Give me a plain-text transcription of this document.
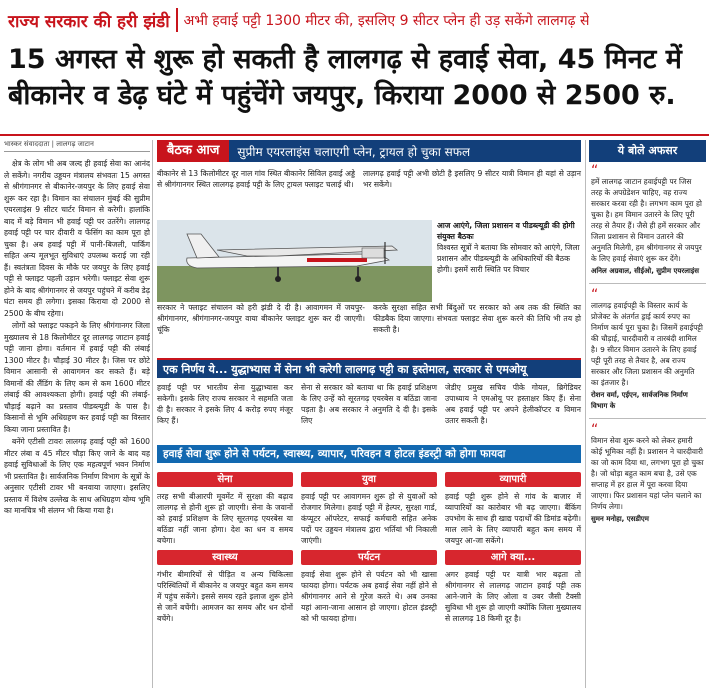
राज्य सरकार की हरी झंडी अभी हवाई पट्टी 1300 मीटर की, इसलिए 9 सीटर प्लेन ही उड़ सकेंगे लालगढ़ से
15 अगस्त से शुरू हो सकती है लालगढ़ से हवाई सेवा, 45 मिनट में
बीकानेर व डेढ़ घंटे में पहुंचेंगे जयपुर, किराया 2000 से 2500 रु.
भास्कर संवाददाता | लालगढ़ जाटान

क्षेत्र के लोग भी अब जल्द ही हवाई सेवा का आनंद ले सकेंगे। नगरीय उड्डयन मंत्रालय संभवतः 15 अगस्त से श्रीगंगानगर से बीकानेर-जयपुर के लिए हवाई सेवा शुरू कर रहा है। विमान का संचालन मुंबई की सुप्रीम एयरलाइंस 9 सीटर चार्टर विमान से करेगी। हालांकि बाद में बड़े विमान भी हवाई पट्टी पर उतरेंगे। लालगढ़ हवाई पट्टी पर चार दीवारी व फेंसिंग का काम पूरा हो चुका है। अब हवाई पट्टी में पानी-बिजली, पार्किंग सहित अन्य मूलभूत सुविधाएं उपलब्ध कराई जा रही हैं। स्वतंत्रता दिवस के मौके पर जयपुर के लिए हवाई पट्टी से फ्लाइट पहली उड़ान भरेगी। फ्लाइट सेवा शुरू होने के बाद श्रीगंगानगर से जयपुर पहुंचने में करीब डेढ़ घंटा समय ही लगेगा। इसका किराया दो 2000 से 2500 के बीच रहेगा।

लोगों को फ्लाइट पकड़ने के लिए श्रीगंगानगर जिला मुख्यालय से 18 किलोमीटर दूर लालगढ़ जाटान हवाई पट्टी जाना होगा। वर्तमान में हवाई पट्टी की लंबाई 1300 मीटर है। चौड़ाई 30 मीटर है। जिस पर छोटे विमान आसानी से आवागमन कर सकते हैं। बड़े विमानों की लैंडिंग के लिए कम से कम 1600 मीटर लंबाई की आवश्यकता होगी। हवाई पट्टी की लंबाई-चौड़ाई बढ़ाने का प्रस्ताव पीडब्ल्यूडी के पास है। किसानों से भूमि अधिग्रहण कर हवाई पट्टी का विस्तार किया जाना प्रस्तावित है।

बनेंगे एटीसी टावरः लालगढ़ हवाई पट्टी को 1600 मीटर लंबा व 45 मीटर चौड़ा किए जाने के बाद यह हवाई सुविधाओं के लिए एक महत्वपूर्ण भवन निर्माण भी प्रस्तावित है। सार्वजनिक निर्माण विभाग के सूत्रों के अनुसार एटीसी टावर भी बनवाया जाएगा। इसलिए प्रस्ताव में विशेष उल्लेख के साथ अधिग्रहण योग्य भूमि का मानचित्र भी संलग्न भी किया गया है।

बैठक आज	सुप्रीम एयरलाइंस चलाएगी प्लेन, ट्रायल हो चुका सफल
बीकानेर से 13 किलोमीटर दूर नाल गांव स्थित बीकानेर सिविल हवाई अड्डे से श्रीगंगानगर स्थित लालगढ़ हवाई पट्टी के लिए ट्रायल फ्लाइट चलाई थी।
लालगढ़ हवाई पट्टी अभी छोटी है इसलिए 9 सीटर यात्री विमान ही यहां से उड़ान भर सकेंगे।
आज आएंगे, जिला प्रशासन व पीडब्ल्यूडी की होगी संयुक्त बैठकः
विश्वस्त सूत्रों ने बताया कि सोमवार को आएंगे, जिला प्रशासन और पीडब्ल्यूडी के अधिकारियों की बैठक होगी। इसमें सारी स्थिति पर विचार
सरकार ने फ्लाइट संचालन को हरी झंडी दे दी है। आवागमन में जयपुर-श्रीगंगानगर, श्रीगंगानगर-जयपुर वाया बीकानेर फ्लाइट शुरू कर दी जाएगी। चूंकि
करके सुरक्षा सहित सभी बिंदुओं पर सरकार को अब तक की स्थिति का फीडबैक दिया जाएगा। संभवतः फ्लाइट सेवा शुरू करने की तिथि भी तय हो सकती है।
एक निर्णय ये... युद्धाभ्यास में सेना भी करेगी लालगढ़ पट्टी का इस्तेमाल, सरकार से एमओयू
हवाई पट्टी पर भारतीय सेना युद्धाभ्यास कर सकेगी। इसके लिए राज्य सरकार ने सहमति जता दी है। सरकार ने इसके लिए 4 करोड़ रुपए मंजूर किए हैं।
सेना से सरकार को बताया था कि हवाई प्रशिक्षण के लिए उन्हें को सूरतगढ़ एयरबेस व बठिंडा जाना पड़ता है। अब सरकार ने अनुमति दे दी है। इसके लिए
जेडीए प्रमुख सचिव पीके गोयल, ब्रिगेडियर उपाध्याय ने एमओयू पर हस्ताक्षर किए हैं। सेना अब हवाई पट्टी पर अपने हेलीकॉप्टर व विमान उतार सकती है।
हवाई सेवा शुरू होने से पर्यटन, स्वास्थ्य, व्यापार, परिवहन व होटल इंडस्ट्री को होगा फायदा
सेना
तरह सभी बीआरपी मूवमेंट में सुरक्षा की बढ़ाव लालगढ़ से होनी शुरू हो जाएगी। सेना के जवानों को हवाई प्रशिक्षण के लिए सूरतगढ़ एयरबेस या बठिंडा नहीं जाना होगा। देश का धन व समय बचेगा।
युवा
हवाई पट्टी पर आवागमन शुरू हो से युवाओं को रोजगार मिलेगा। हवाई पट्टी में हेल्पर, सुरक्षा गार्ड, कंप्यूटर ऑपरेटर, सफाई कर्मचारी सहित अनेक पदों पर उड्डयन मंत्रालय द्वारा भर्तियां भी निकाली जाएंगी।
व्यापारी
हवाई पट्टी शुरू होने से गांव के बाजार में व्यापारियों का कारोबार भी बढ़ जाएगा। बैंकिंग उपभोग के साथ ही खाद्य पदार्थों की डिमांड बढ़ेगी। माल लाने के लिए व्यापारी बहुत कम समय में जयपुर आ-जा सकेंगे।
स्वास्थ्य
गंभीर बीमारियों से पीड़ित व अन्य चिकित्सा परिस्थितियों में बीकानेर व जयपुर बहुत कम समय में पहुंच सकेंगे। इससे समय रहते इलाज शुरू होने से जानें बचेंगी। आमजन का समय और धन दोनों बचेंगे।
पर्यटन
हवाई सेवा शुरू होने से पर्यटन को भी खासा फायदा होगा। पर्यटक अब हवाई सेवा नहीं होने से श्रीगंगानगर आने से गुरेज करते थे। अब उनका यहां आना-जाना आसान हो जाएगा। होटल इंडस्ट्री को भी फायदा होगा।
आगे क्या...
अगर हवाई पट्टी पर यात्री भार बढ़ता तो श्रीगंगानगर से लालगढ़ जाटान हवाई पट्टी तक आने-जाने के लिए ओला व उबर जैसी टैक्सी सुविधा भी शुरू हो जाएगी क्योंकि जिला मुख्यालय से लालगढ़ 18 किमी दूर है।
ये बोले अफसर
“
हमें लालगढ़ जाटान हवाईपट्टी पर जिस तरह के अपग्रेडेशन चाहिए, वह राज्य सरकार करवा रही है। लगभग काम पूरा हो चुका है। हम विमान उतारने के लिए पूरी तरह से तैयार हैं। जैसे ही हमें सरकार और जिला प्रशासन से विमान उतारने की अनुमति मिलेगी, हम श्रीगंगानगर से जयपुर के लिए हवाई सेवाएं शुरू कर देंगे।
अनिल अग्रवाल, सीईओ, सुप्रीम एयरलाइंस
“
लालगढ़ हवाईपट्टी के विस्तार कार्य के प्रोजेक्ट के अंतर्गत ड्राई कार्य रुपए का निर्माण कार्य पूरा चुका है। जिसमें हवाईपट्टी की चौड़ाई, चारदीवारी व तारबंदी शामिल है। 9 सीटर विमान उतारने के लिए हवाई पट्टी पूरी तरह से तैयार है, अब राज्य सरकार और जिला प्रशासन की अनुमति का इंतजार है।
रोशन वर्मा, एईएन, सार्वजनिक निर्माण विभाग के
“
विमान सेवा शुरू करने को लेकर हमारी कोई भूमिका नहीं है। प्रशासन ने चारदीवारी का जो काम दिया था, लगभग पूरा हो चुका है। जो थोड़ा बहुत काम बचा है, उसे एक सप्ताह में हर हाल में पूरा करवा दिया जाएगा। फिर प्रशासन यहां प्लेन चलाने का निर्णय लेगा।
सुमन मनोहा, एसडीएम
